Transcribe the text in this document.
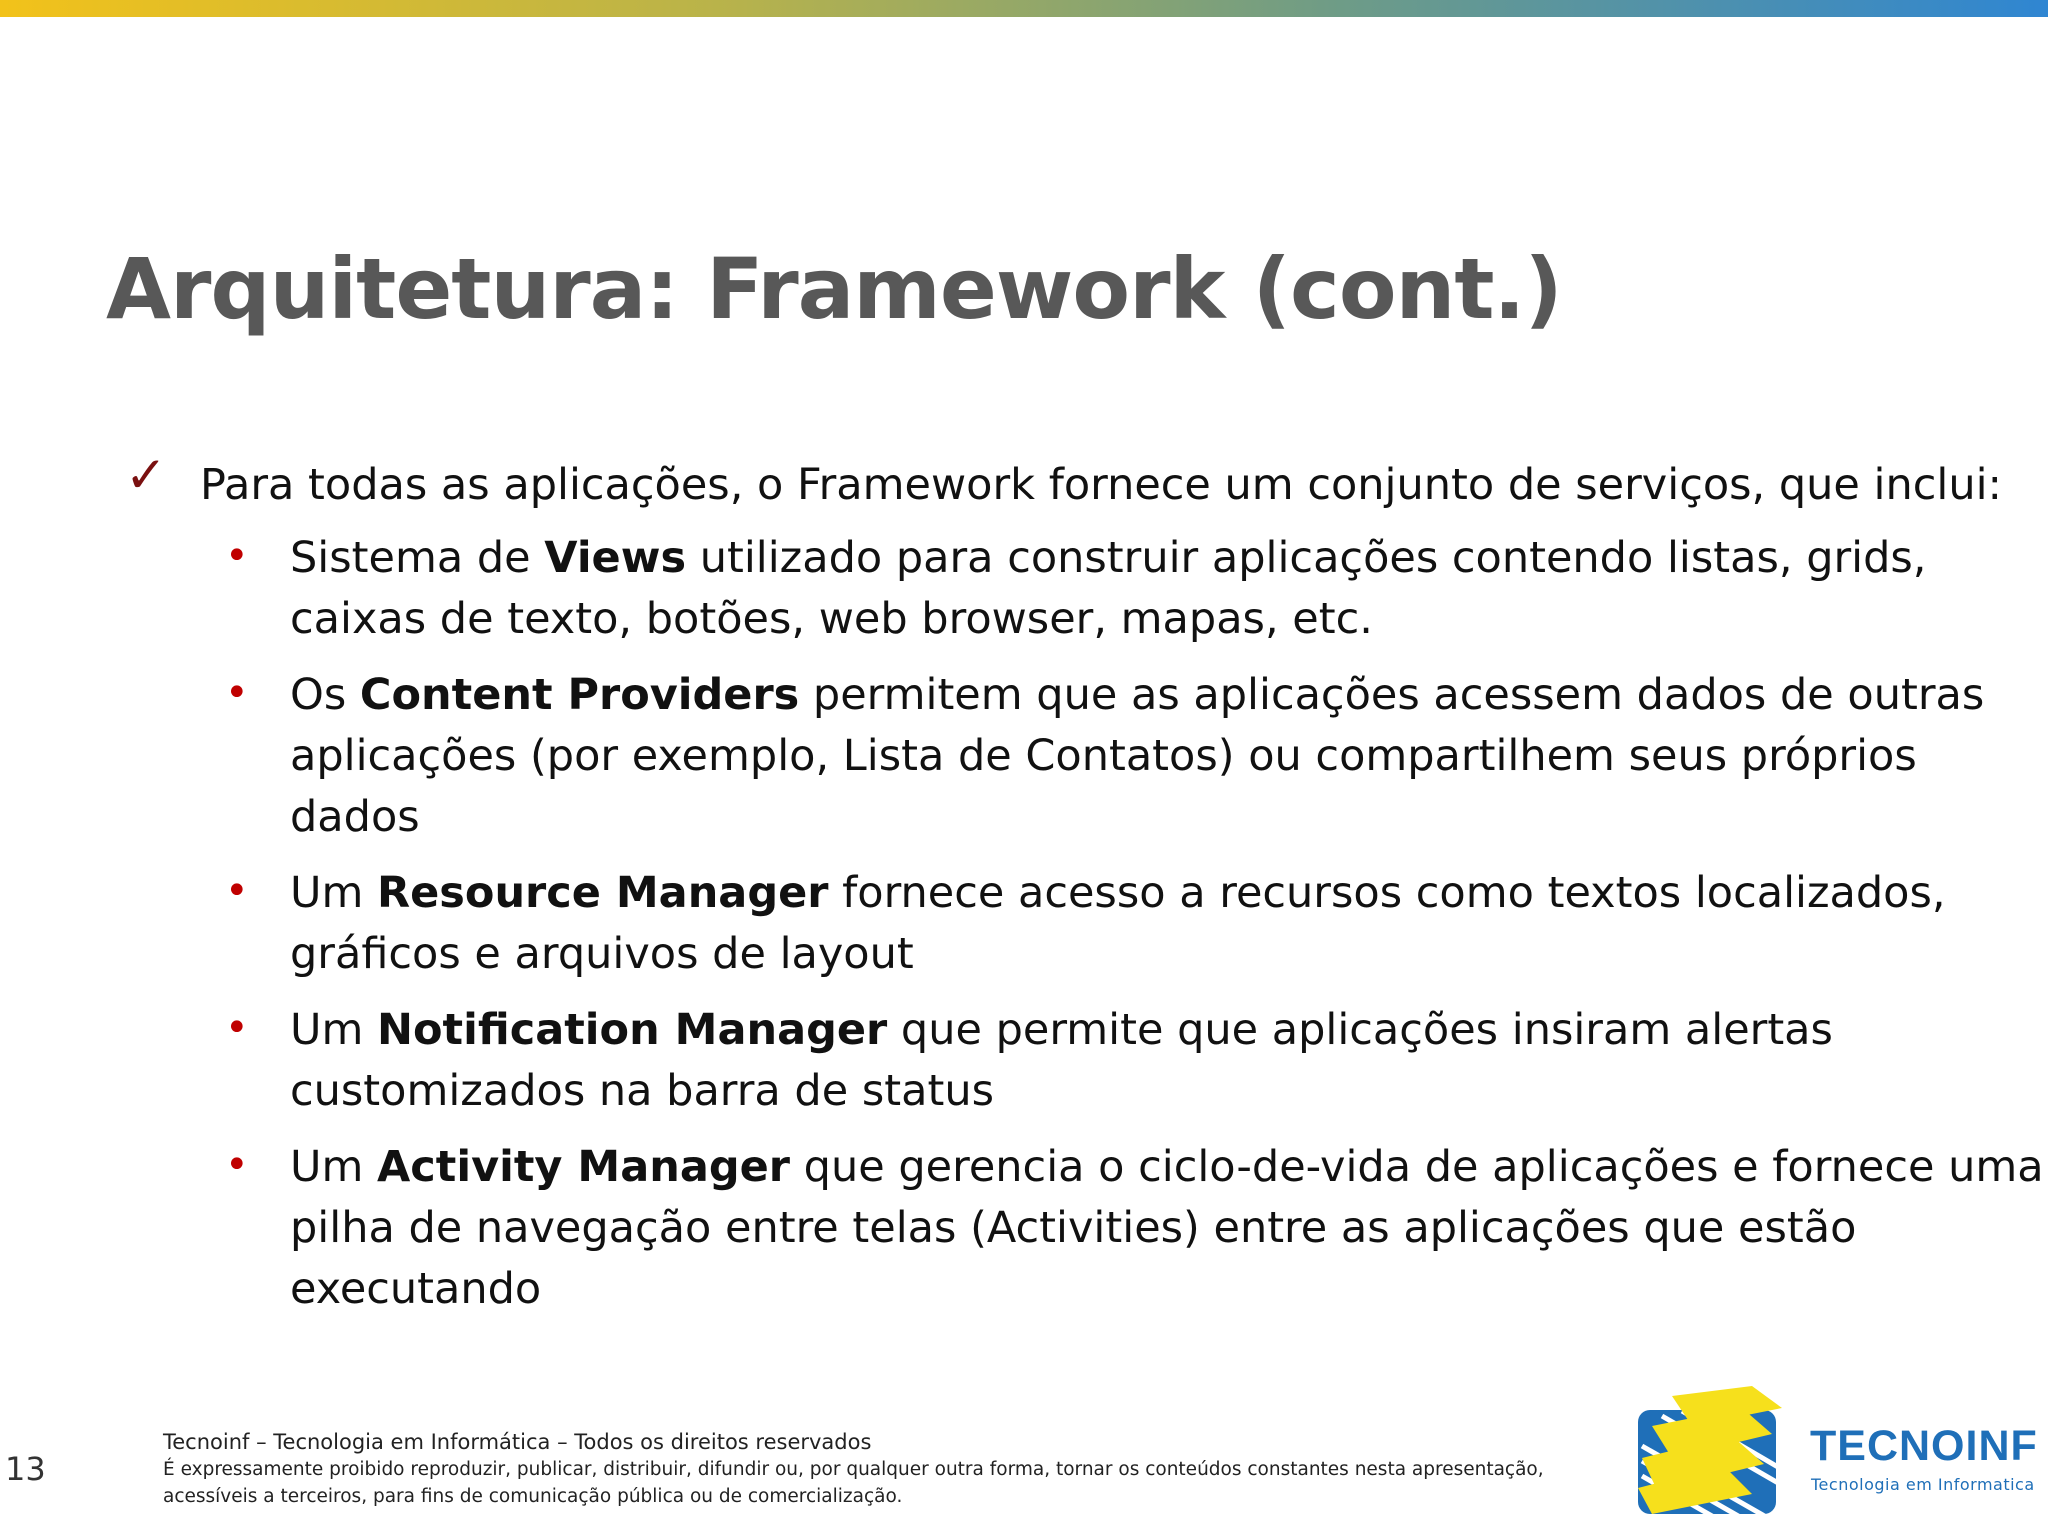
Arquitetura: Framework (cont.)
✓ Para todas as aplicações, o Framework fornece um conjunto de serviços, que inclui:
• Sistema de Views utilizado para construir aplicações contendo listas, grids, caixas de texto, botões, web browser, mapas, etc.
• Os Content Providers permitem que as aplicações acessem dados de outras aplicações (por exemplo, Lista de Contatos) ou compartilhem seus próprios dados
• Um Resource Manager fornece acesso a recursos como textos localizados, gráficos e arquivos de layout
• Um Notification Manager que permite que aplicações insiram alertas customizados na barra de status
• Um Activity Manager que gerencia o ciclo-de-vida de aplicações e fornece uma pilha de navegação entre telas (Activities) entre as aplicações que estão executando
13
Tecnoinf – Tecnologia em Informática – Todos os direitos reservados
É expressamente proibido reproduzir, publicar, distribuir, difundir ou, por qualquer outra forma, tornar os conteúdos constantes nesta apresentação,
acessíveis a terceiros, para fins de comunicação pública ou de comercialização.
TECNOINF
Tecnologia em Informatica
